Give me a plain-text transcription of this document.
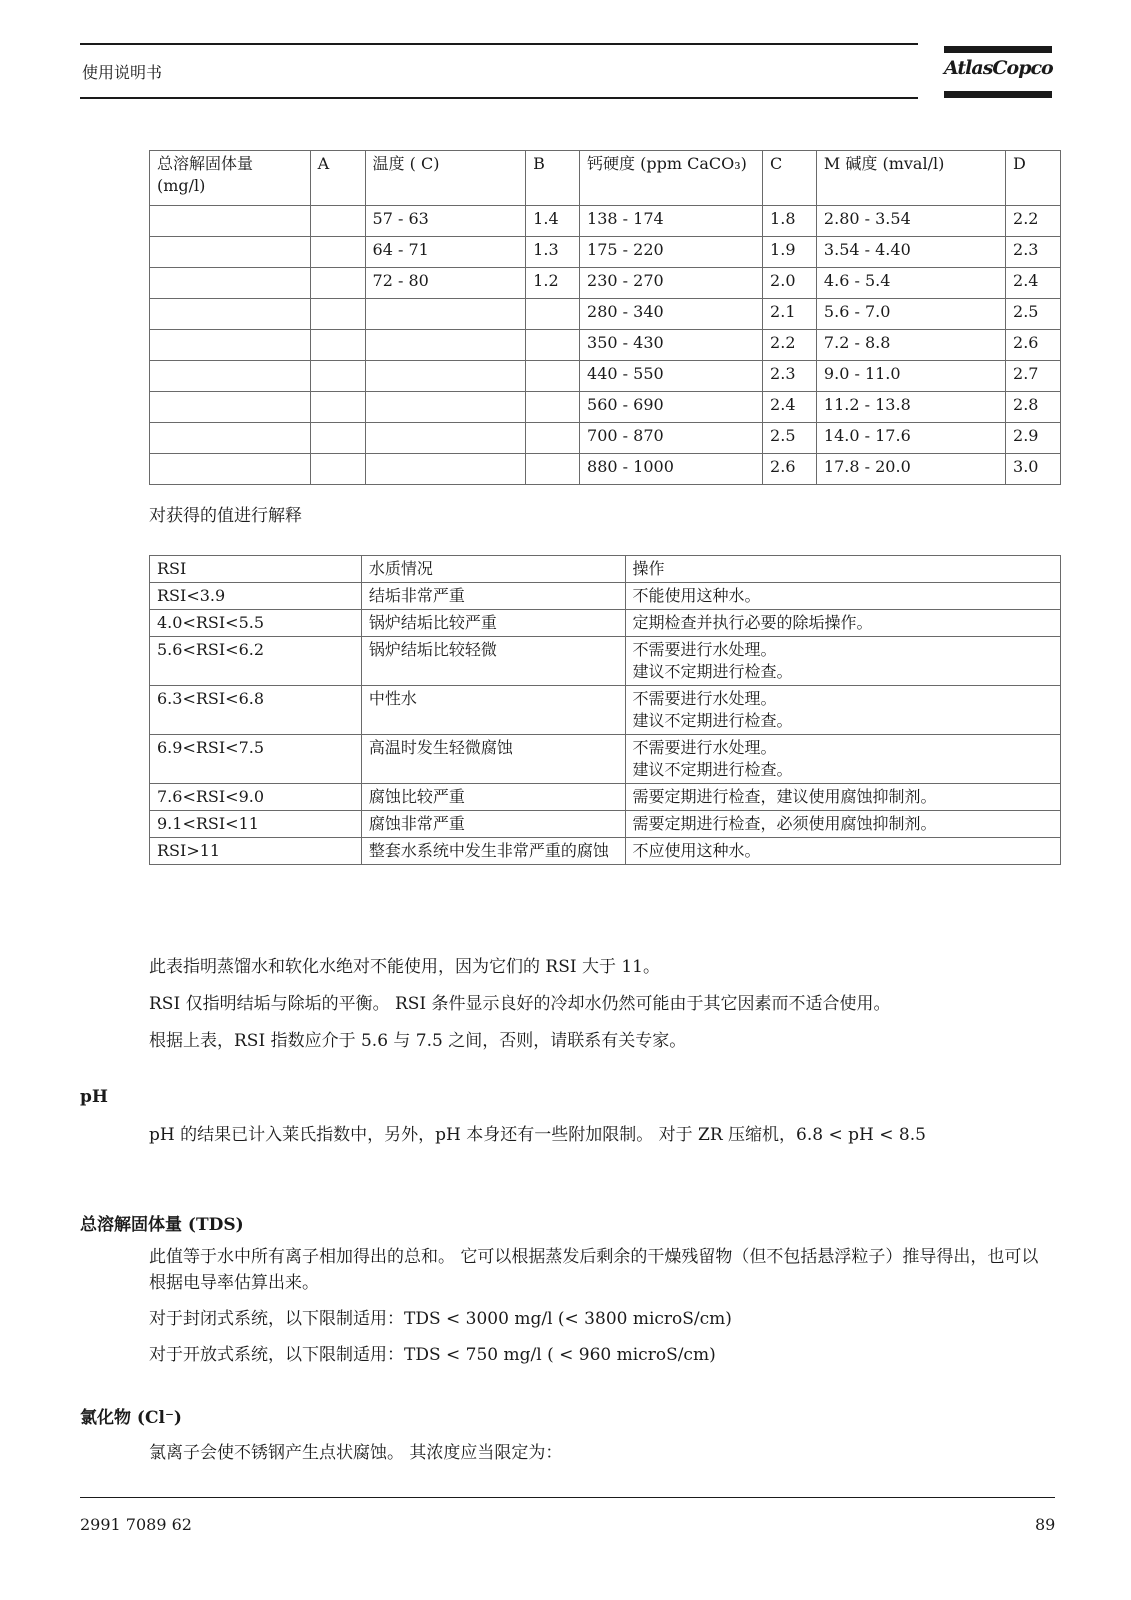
使用说明书	AtlasCopco
总溶解固体量 (mg/l)	A	温度 ( C)	B	钙硬度 (ppm CaCO₃)	C	M 碱度 (mval/l)	D
		57 - 63	1.4	138 - 174	1.8	2.80 - 3.54	2.2
		64 - 71	1.3	175 - 220	1.9	3.54 - 4.40	2.3
		72 - 80	1.2	230 - 270	2.0	4.6 - 5.4	2.4
				280 - 340	2.1	5.6 - 7.0	2.5
				350 - 430	2.2	7.2 - 8.8	2.6
				440 - 550	2.3	9.0 - 11.0	2.7
				560 - 690	2.4	11.2 - 13.8	2.8
				700 - 870	2.5	14.0 - 17.6	2.9
				880 - 1000	2.6	17.8 - 20.0	3.0
对获得的值进行解释
RSI	水质情况	操作
RSI<3.9	结垢非常严重	不能使用这种水。
4.0<RSI<5.5	锅炉结垢比较严重	定期检查并执行必要的除垢操作。
5.6<RSI<6.2	锅炉结垢比较轻微	不需要进行水处理。
建议不定期进行检查。
6.3<RSI<6.8	中性水	不需要进行水处理。
建议不定期进行检查。
6.9<RSI<7.5	高温时发生轻微腐蚀	不需要进行水处理。
建议不定期进行检查。
7.6<RSI<9.0	腐蚀比较严重	需要定期进行检查，建议使用腐蚀抑制剂。
9.1<RSI<11	腐蚀非常严重	需要定期进行检查，必须使用腐蚀抑制剂。
RSI>11	整套水系统中发生非常严重的腐蚀	不应使用这种水。

此表指明蒸馏水和软化水绝对不能使用，因为它们的 RSI 大于 11。

RSI 仅指明结垢与除垢的平衡。 RSI 条件显示良好的冷却水仍然可能由于其它因素而不适合使用。

根据上表，RSI 指数应介于 5.6 与 7.5 之间，否则，请联系有关专家。

pH

pH 的结果已计入莱氏指数中，另外，pH 本身还有一些附加限制。 对于 ZR 压缩机，6.8 < pH < 8.5

总溶解固体量 (TDS)

此值等于水中所有离子相加得出的总和。 它可以根据蒸发后剩余的干燥残留物（但不包括悬浮粒子）推导得出，也可以根据电导率估算出来。

对于封闭式系统，以下限制适用：TDS < 3000 mg/l (< 3800 microS/cm)

对于开放式系统，以下限制适用：TDS < 750 mg/l ( < 960 microS/cm)

氯化物 (Cl⁻)

氯离子会使不锈钢产生点状腐蚀。 其浓度应当限定为：

2991 7089 62	89
